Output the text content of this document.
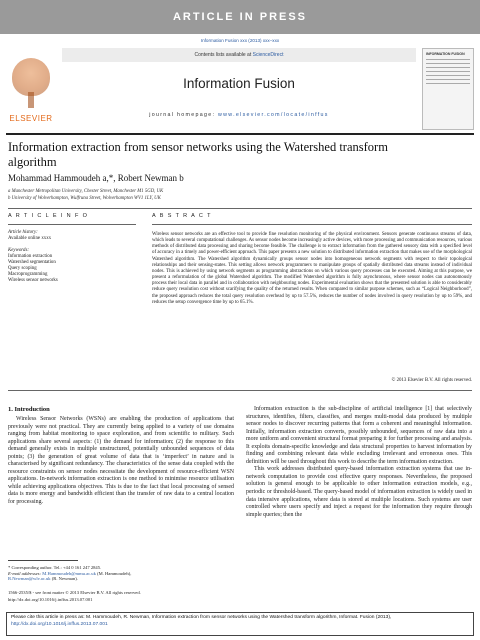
ARTICLE IN PRESS
Information Fusion xxx (2013) xxx–xxx
ELSEVIER
Contents lists available at ScienceDirect
Information Fusion
journal homepage: www.elsevier.com/locate/inffus
INFORMATION FUSION
Information extraction from sensor networks using the Watershed transform algorithm
Mohammad Hammoudeh a,*, Robert Newman b
a Manchester Metropolitan University, Chester Street, Manchester M1 5GD, UK
b University of Wolverhampton, Wulfruna Street, Wolverhampton WV1 1LY, UK
A R T I C L E I N F O	A B S T R A C T
Article history:
Available online xxxx
Keywords:
Information extraction
Watershed segmentation
Query scoping
Macroprogramming
Wireless sensor networks
Wireless sensor networks are an effective tool to provide fine resolution monitoring of the physical environment. Sensors generate continuous streams of data, which leads to several computational challenges. As sensor nodes become increasingly active devices, with more processing and communication resources, various methods of distributed data processing and sharing become feasible. The challenge is to extract information from the gathered sensory data with a specified level of accuracy in a timely and power-efficient approach. This paper presents a new solution to distributed information extraction that makes use of the morphological Watershed algorithm. The Watershed algorithm dynamically groups sensor nodes into homogeneous network segments with respect to their topological relationships and their sensing-states. This setting allows network programmers to manipulate groups of spatially distributed data streams instead of individual nodes. This is achieved by using network segments as programming abstractions on which various query processes can be executed. Aiming at this purpose, we present a reformulation of the global Watershed algorithm. The modified Watershed algorithm is fully asynchronous, where sensor nodes can autonomously process their local data in parallel and in collaboration with neighbouring nodes. Experimental evaluation shows that the presented solution is able to considerably reduce query resolution cost without scarifying the quality of the returned results. When compared to similar purpose schemes, such as “Logical Neighborhood”, the proposed approach reduces the total query resolution overhead by up to 57.5%, reduces the number of nodes involved in query resolution by up to 59%, and reduces the setup convergence time by up to 65.1%.
© 2013 Elsevier B.V. All rights reserved.
1. Introduction

Wireless Sensor Networks (WSNs) are enabling the production of applications that previously were not practical. They are currently being applied to a variety of use domains ranging from habitat monitoring to space exploration, and from scientific to military. Such applications share several aspects: (1) the demand for information; (2) the response to this demand generally exists in multiple unstructured, potentially unbounded sequences of data points; (3) the generation of great volume of data that is ‘imperfect’ in nature and is characterised by significant redundancy. The characteristics of the sense data coupled with the resource constraints on sensor nodes necessitate the development of resource-efficient WSN applications. In-network information extraction is one method to minimise resource utilisation while achieving applications objectives. This is due to the fact that local processing of sensed data is more energy and bandwidth efficient than the transfer of raw data to a central location for processing.

Information extraction is the sub-discipline of artificial intelligence [1] that selectively structures, identifies, filters, classifies, and merges multi-modal data produced by multiple sensor nodes to discover recurring patterns that form a coherent and meaningful information. Initially, information extraction converts, possibly unbounded, sequences of raw data into a more uniform and convenient structural format preparing it for further processing and analysis. It exploits domain-specific knowledge and data structural properties to harvest information by finding and combining relevant data while excluding irrelevant and erroneous ones. This definition will be used throughout this work to describe the term information extraction.

This work addresses distributed query-based information extraction systems that use in-network computation to provide cost effective query responses. Nevertheless, the proposed solution is general enough to be applicable to other information extraction models, e.g., periodic or threshold-based. The query-based model of information extraction is widely used in data intensive applications, where data is stored at multiple locations. Such systems are user controlled where users specify and inject a request for the information they require through simple queries; then the

* Corresponding author. Tel.: +44 0 161 247 2845.
E-mail addresses: M.Hammoudeh@mmu.ac.uk (M. Hammoudeh),
R.Newman@wlv.ac.uk (R. Newman).
1566-2535/$ - see front matter © 2013 Elsevier B.V. All rights reserved.
http://dx.doi.org/10.1016/j.inffus.2013.07.001
Please cite this article in press as: M. Hammoudeh, R. Newman, Information extraction from sensor networks using the Watershed transform algorithm, Informat. Fusion (2013), http://dx.doi.org/10.1016/j.inffus.2013.07.001
